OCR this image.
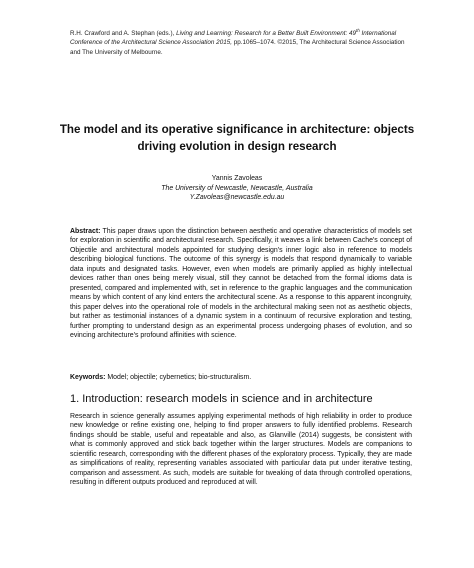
R.H. Crawford and A. Stephan (eds.), Living and Learning: Research for a Better Built Environment: 49th International Conference of the Architectural Science Association 2015, pp.1065–1074. ©2015, The Architectural Science Association and The University of Melbourne.
The model and its operative significance in architecture: objects driving evolution in design research
Yannis Zavoleas
The University of Newcastle, Newcastle, Australia
Y.Zavoleas@newcastle.edu.au
Abstract: This paper draws upon the distinction between aesthetic and operative characteristics of models set for exploration in scientific and architectural research. Specifically, it weaves a link between Cache's concept of Objectile and architectural models appointed for studying design's inner logic also in reference to models describing biological functions. The outcome of this synergy is models that respond dynamically to variable data inputs and designated tasks. However, even when models are primarily applied as highly intellectual devices rather than ones being merely visual, still they cannot be detached from the formal idioms data is presented, compared and implemented with, set in reference to the graphic languages and the communication means by which content of any kind enters the architectural scene. As a response to this apparent incongruity, this paper delves into the operational role of models in the architectural making seen not as aesthetic objects, but rather as testimonial instances of a dynamic system in a continuum of recursive exploration and testing, further prompting to understand design as an experimental process undergoing phases of evolution, and so evincing architecture's profound affinities with science.
Keywords: Model; objectile; cybernetics; bio-structuralism.
1. Introduction: research models in science and in architecture

Research in science generally assumes applying experimental methods of high reliability in order to produce new knowledge or refine existing one, helping to find proper answers to fully identified problems. Research findings should be stable, useful and repeatable and also, as Glanville (2014) suggests, be consistent with what is commonly approved and stick back together within the larger structures. Models are companions to scientific research, corresponding with the different phases of the exploratory process. Typically, they are made as simplifications of reality, representing variables associated with particular data put under iterative testing, comparison and assessment. As such, models are suitable for tweaking of data through controlled operations, resulting in different outputs produced and reproduced at will.
